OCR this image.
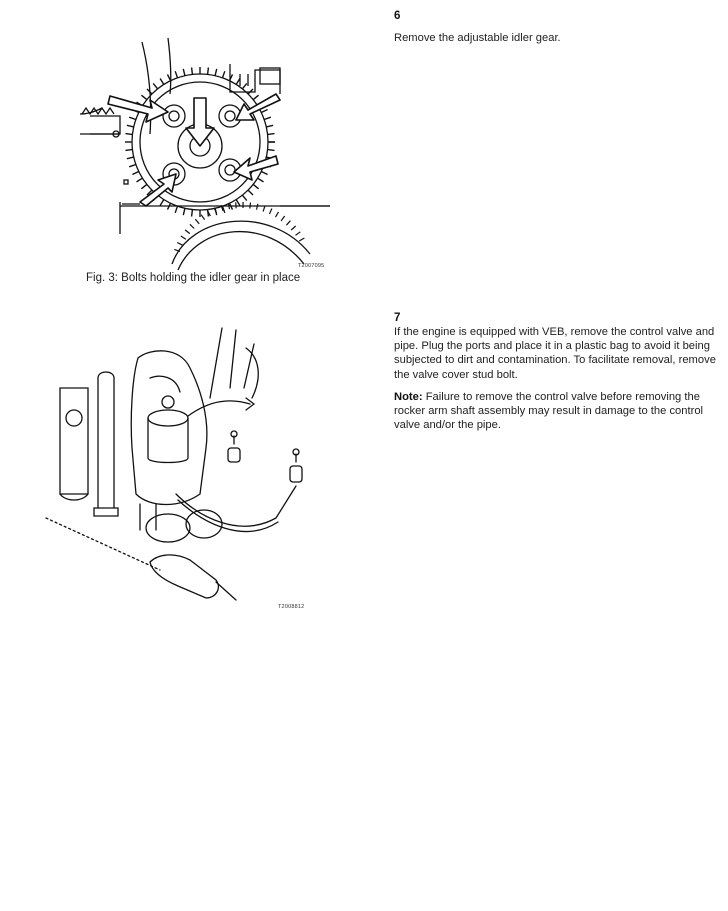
T2007095
Fig. 3: Bolts holding the idler gear in place
T2008812
6
Remove the adjustable idler gear.
7
If the engine is equipped with VEB, remove the control valve and pipe. Plug the ports and place it in a plastic bag to avoid it being subjected to dirt and contamination. To facilitate removal, remove the valve cover stud bolt.
Note: Failure to remove the control valve before removing the rocker arm shaft assembly may result in damage to the control valve and/or the pipe.
